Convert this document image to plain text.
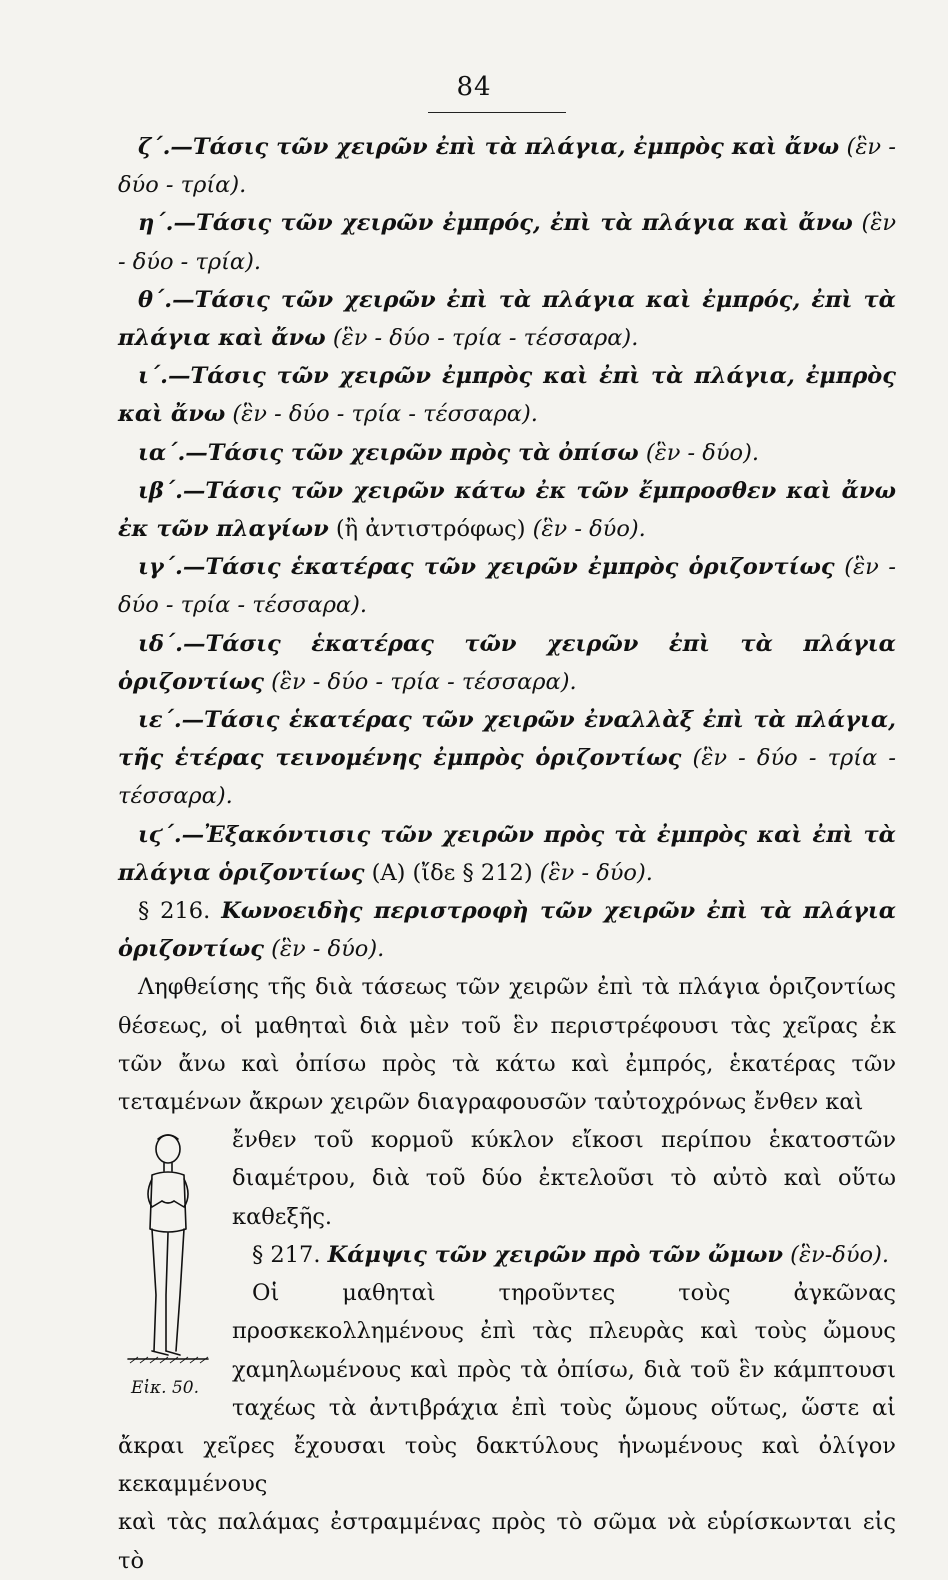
84

ζ΄.—Τάσις τῶν χειρῶν ἐπὶ τὰ πλάγια, ἐμπρὸς καὶ ἄνω (ἓν - δύο - τρία).

η΄.—Τάσις τῶν χειρῶν ἐμπρός, ἐπὶ τὰ πλάγια καὶ ἄνω (ἓν - δύο - τρία).

θ΄.—Τάσις τῶν χειρῶν ἐπὶ τὰ πλάγια καὶ ἐμπρός, ἐπὶ τὰ πλάγια καὶ ἄνω (ἓν - δύο - τρία - τέσσαρα).

ι΄.—Τάσις τῶν χειρῶν ἐμπρὸς καὶ ἐπὶ τὰ πλάγια, ἐμπρὸς καὶ ἄνω (ἓν - δύο - τρία - τέσσαρα).

ια΄.—Τάσις τῶν χειρῶν πρὸς τὰ ὀπίσω (ἓν - δύο).

ιβ΄.—Τάσις τῶν χειρῶν κάτω ἐκ τῶν ἔμπροσθεν καὶ ἄνω ἐκ τῶν πλαγίων (ἢ ἀντιστρόφως) (ἓν - δύο).

ιγ΄.—Τάσις ἑκατέρας τῶν χειρῶν ἐμπρὸς ὁριζοντίως (ἓν - δύο - τρία - τέσσαρα).

ιδ΄.—Τάσις ἑκατέρας τῶν χειρῶν ἐπὶ τὰ πλάγια ὁριζοντίως (ἓν - δύο - τρία - τέσσαρα).

ιε΄.—Τάσις ἑκατέρας τῶν χειρῶν ἐναλλὰξ ἐπὶ τὰ πλάγια, τῆς ἑτέρας τεινομένης ἐμπρὸς ὁριζοντίως (ἓν - δύο - τρία - τέσσαρα).

ιϛ΄.—Ἐξακόντισις τῶν χειρῶν πρὸς τὰ ἐμπρὸς καὶ ἐπὶ τὰ πλάγια ὁριζοντίως (Α) (ἴδε § 212) (ἓν - δύο).

§ 216. Κωνοειδὴς περιστροφὴ τῶν χειρῶν ἐπὶ τὰ πλάγια ὁριζοντίως (ἓν - δύο).

Ληφθείσης τῆς διὰ τάσεως τῶν χειρῶν ἐπὶ τὰ πλάγια ὁριζοντίως θέσεως, οἱ μαθηταὶ διὰ μὲν τοῦ ἓν περιστρέφουσι τὰς χεῖρας ἐκ τῶν ἄνω καὶ ὀπίσω πρὸς τὰ κάτω καὶ ἐμπρός, ἑκατέρας τῶν τεταμένων ἄκρων χειρῶν διαγραφουσῶν ταὐτοχρόνως ἔνθεν καὶ

Εἰκ. 50.

ἔνθεν τοῦ κορμοῦ κύκλον εἴκοσι περίπου ἑκατοστῶν διαμέτρου, διὰ τοῦ δύο ἐκτελοῦσι τὸ αὐτὸ καὶ οὕτω καθεξῆς.

§ 217. Κάμψις τῶν χειρῶν πρὸ τῶν ὤμων (ἓν-δύο).

Οἱ μαθηταὶ τηροῦντες τοὺς ἀγκῶνας προσκεκολλημένους ἐπὶ τὰς πλευρὰς καὶ τοὺς ὤμους χαμηλωμένους καὶ πρὸς τὰ ὀπίσω, διὰ τοῦ ἓν κάμπτουσι ταχέως τὰ ἀντιβράχια ἐπὶ τοὺς ὤμους οὕτως, ὥστε αἱ ἄκραι χεῖρες ἔχουσαι τοὺς δακτύλους ἡνωμένους καὶ ὀλίγον κεκαμμένους

καὶ τὰς παλάμας ἐστραμμένας πρὸς τὸ σῶμα νὰ εὑρίσκωνται εἰς τὸ
